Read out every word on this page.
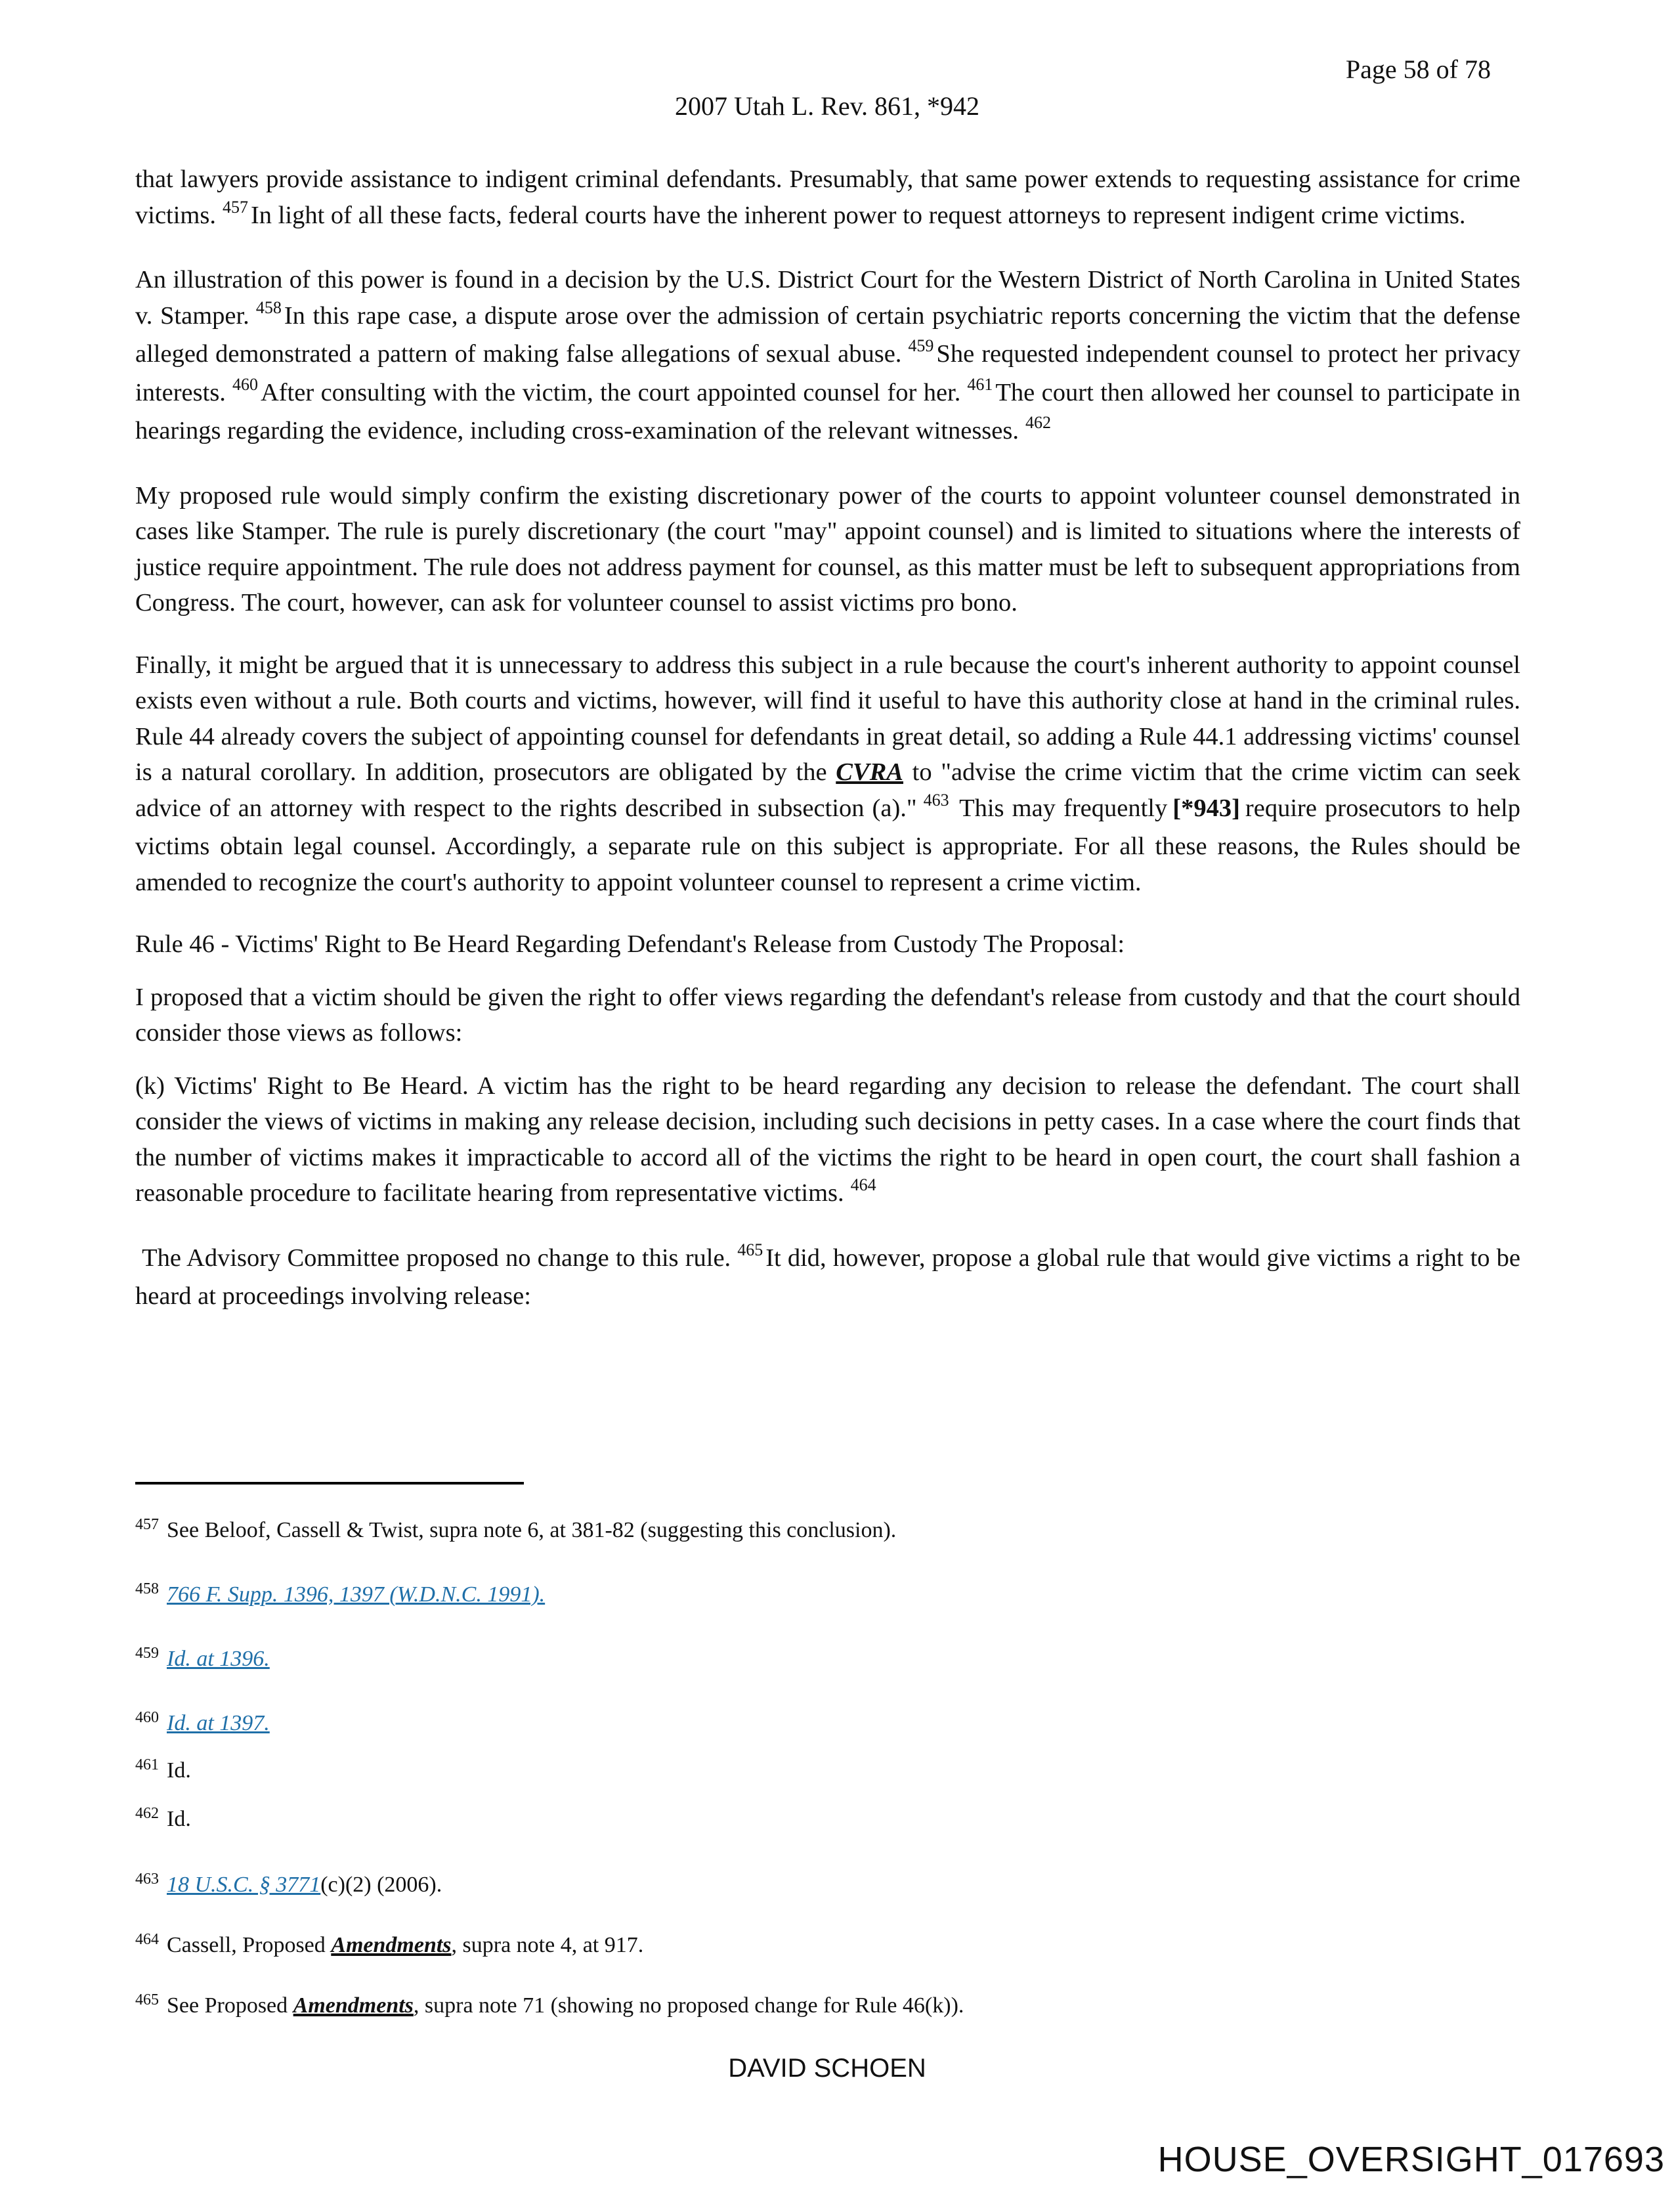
Page 58 of 78
2007 Utah L. Rev. 861, *942

that lawyers provide assistance to indigent criminal defendants. Presumably, that same power extends to requesting assistance for crime victims. $^{457}$ In light of all these facts, federal courts have the inherent power to request attorneys to represent indigent crime victims.

An illustration of this power is found in a decision by the U.S. District Court for the Western District of North Carolina in United States v. Stamper. $^{458}$ In this rape case, a dispute arose over the admission of certain psychiatric reports concerning the victim that the defense alleged demonstrated a pattern of making false allegations of sexual abuse. $^{459}$ She requested independent counsel to protect her privacy interests. $^{460}$ After consulting with the victim, the court appointed counsel for her. $^{461}$ The court then allowed her counsel to participate in hearings regarding the evidence, including cross-examination of the relevant witnesses. $^{462}$

My proposed rule would simply confirm the existing discretionary power of the courts to appoint volunteer counsel demonstrated in cases like Stamper. The rule is purely discretionary (the court "may" appoint counsel) and is limited to situations where the interests of justice require appointment. The rule does not address payment for counsel, as this matter must be left to subsequent appropriations from Congress. The court, however, can ask for volunteer counsel to assist victims pro bono.

Finally, it might be argued that it is unnecessary to address this subject in a rule because the court's inherent authority to appoint counsel exists even without a rule. Both courts and victims, however, will find it useful to have this authority close at hand in the criminal rules. Rule 44 already covers the subject of appointing counsel for defendants in great detail, so adding a Rule 44.1 addressing victims' counsel is a natural corollary. In addition, prosecutors are obligated by the CVRA to "advise the crime victim that the crime victim can seek advice of an attorney with respect to the rights described in subsection (a)." $^{463}$ This may frequently [*943] require prosecutors to help victims obtain legal counsel. Accordingly, a separate rule on this subject is appropriate. For all these reasons, the Rules should be amended to recognize the court's authority to appoint volunteer counsel to represent a crime victim.

Rule 46 - Victims' Right to Be Heard Regarding Defendant's Release from Custody The Proposal:

I proposed that a victim should be given the right to offer views regarding the defendant's release from custody and that the court should consider those views as follows:

(k) Victims' Right to Be Heard. A victim has the right to be heard regarding any decision to release the defendant. The court shall consider the views of victims in making any release decision, including such decisions in petty cases. In a case where the court finds that the number of victims makes it impracticable to accord all of the victims the right to be heard in open court, the court shall fashion a reasonable procedure to facilitate hearing from representative victims. $^{464}$

The Advisory Committee proposed no change to this rule. $^{465}$ It did, however, propose a global rule that would give victims a right to be heard at proceedings involving release:

$^{457}$ See Beloof, Cassell & Twist, supra note 6, at 381-82 (suggesting this conclusion).
$^{458}$ 766 F. Supp. 1396, 1397 (W.D.N.C. 1991).
$^{459}$ Id. at 1396.
$^{460}$ Id. at 1397.
$^{461}$ Id.
$^{462}$ Id.
$^{463}$ 18 U.S.C. § 3771(c)(2) (2006).
$^{464}$ Cassell, Proposed Amendments, supra note 4, at 917.
$^{465}$ See Proposed Amendments, supra note 71 (showing no proposed change for Rule 46(k)).
DAVID SCHOEN
HOUSE_OVERSIGHT_017693
